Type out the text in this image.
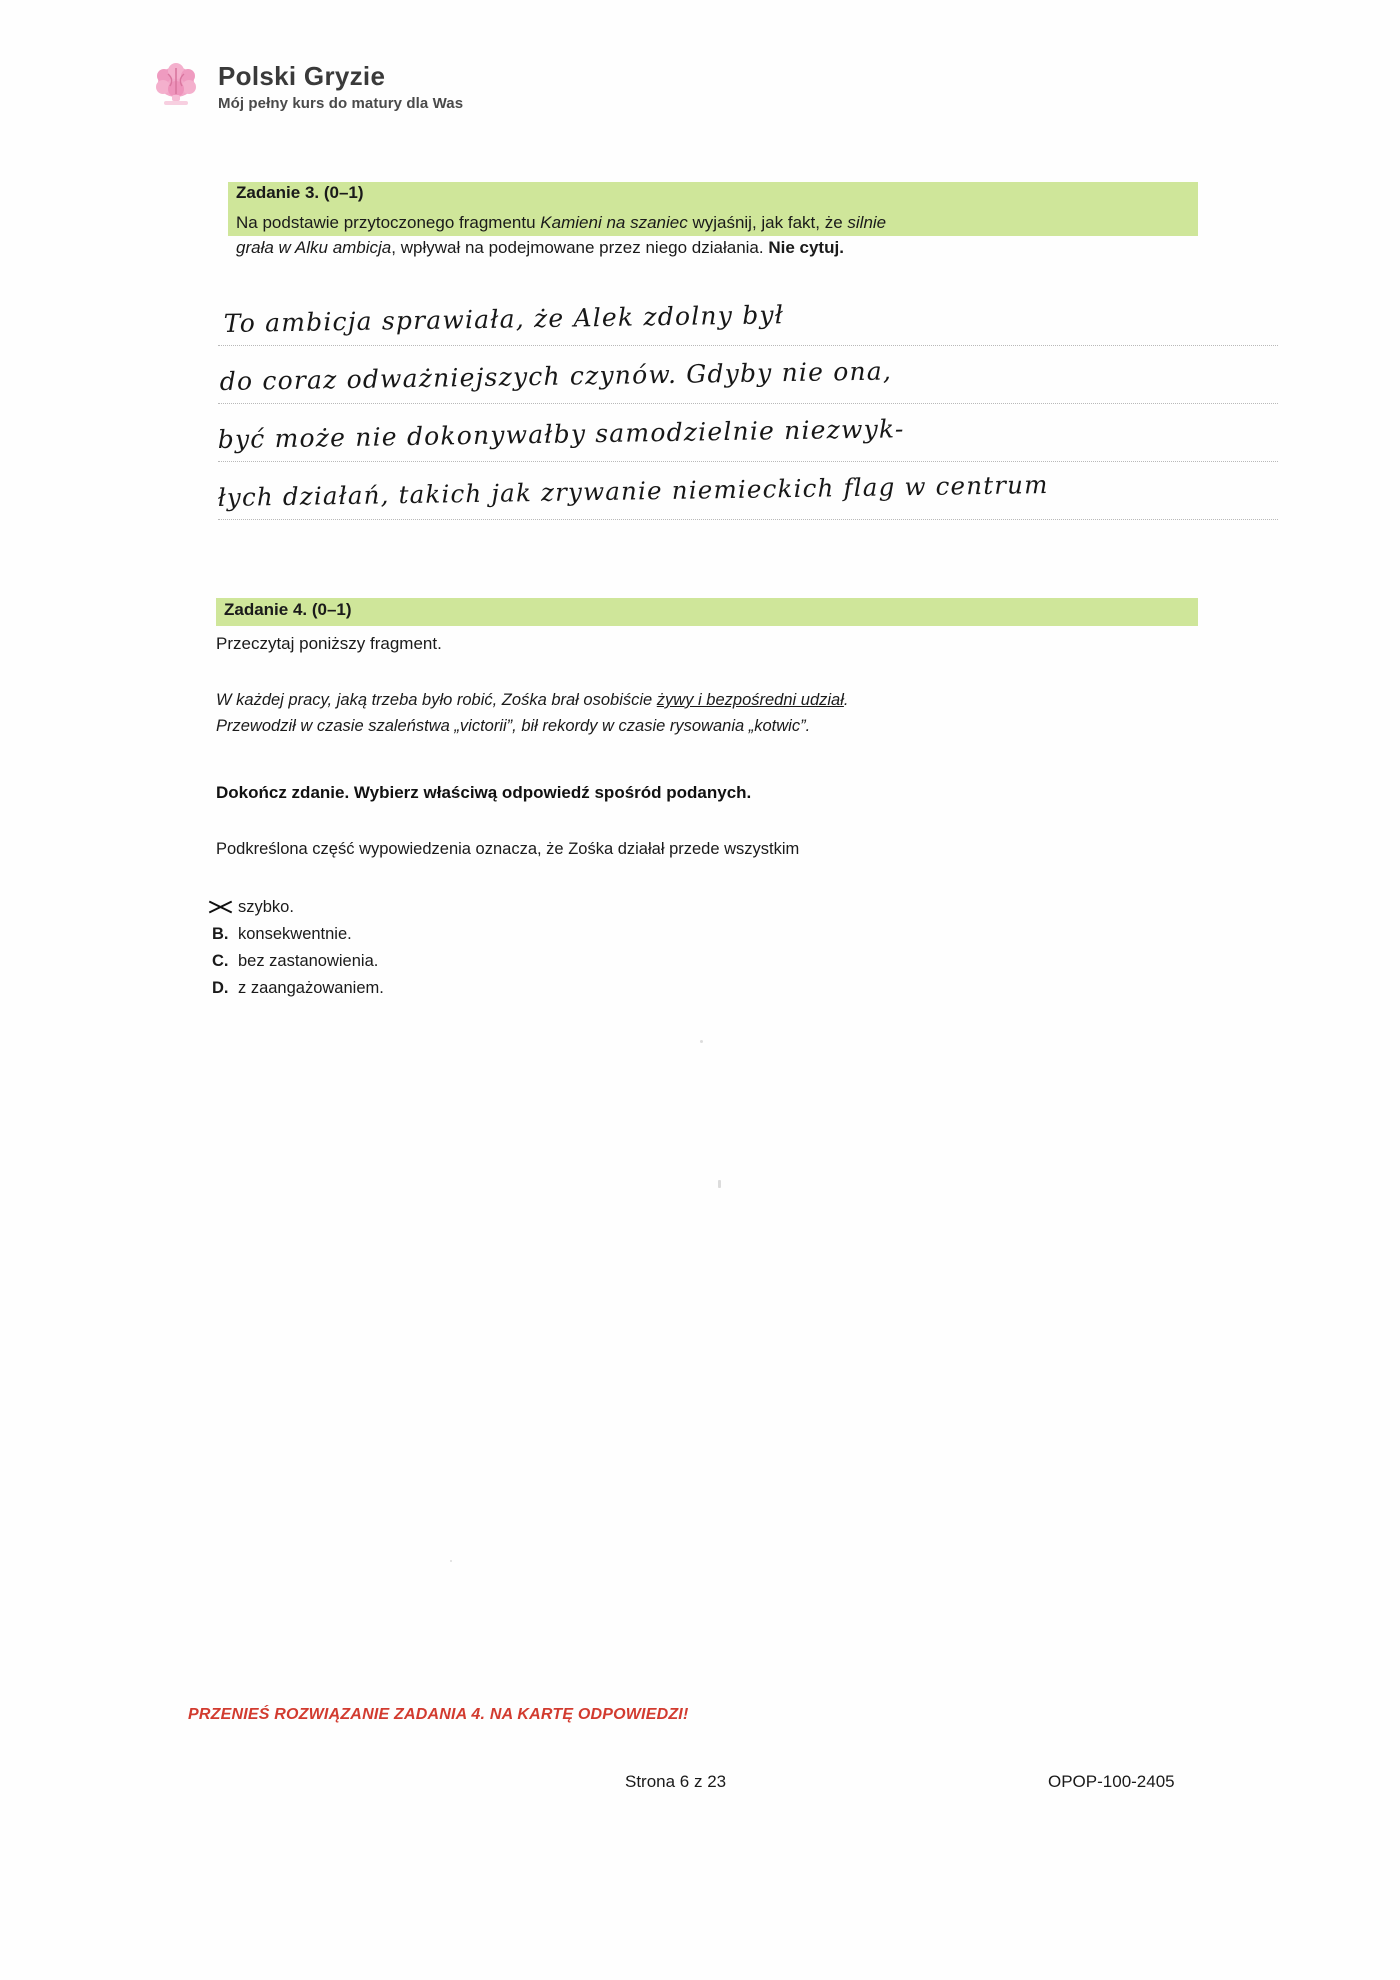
Polski Gryzie
Mój pełny kurs do matury dla Was
Zadanie 3. (0–1)
Na podstawie przytoczonego fragmentu Kamieni na szaniec wyjaśnij, jak fakt, że silnie
grała w Alku ambicja, wpływał na podejmowane przez niego działania. Nie cytuj.
To ambicja sprawiała, że Alek zdolny był
do coraz odważniejszych czynów. Gdyby nie ona,
być może nie dokonywałby samodzielnie niezwyk-
łych działań, takich jak zrywanie niemieckich flag w centrum
Zadanie 4. (0–1)
Przeczytaj poniższy fragment.
W każdej pracy, jaką trzeba było robić, Zośka brał osobiście żywy i bezpośredni udział.
Przewodził w czasie szaleństwa „victorii”, bił rekordy w czasie rysowania „kotwic”.
Dokończ zdanie. Wybierz właściwą odpowiedź spośród podanych.
Podkreślona część wypowiedzenia oznacza, że Zośka działał przede wszystkim
szybko.
B. konsekwentnie.
C. bez zastanowienia.
D. z zaangażowaniem.
PRZENIEŚ ROZWIĄZANIE ZADANIA 4. NA KARTĘ ODPOWIEDZI!
Strona 6 z 23	OPOP-100-2405
